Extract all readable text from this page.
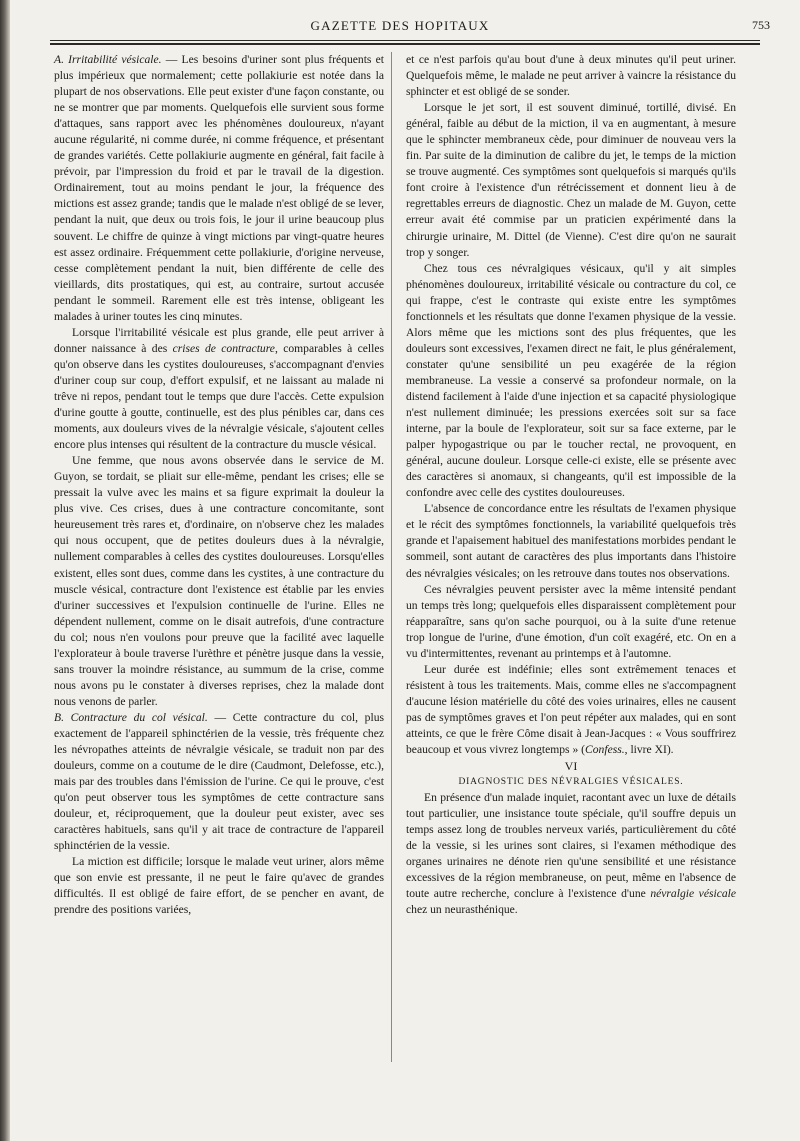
GAZETTE DES HOPITAUX	753

A. Irritabilité vésicale. — Les besoins d'uriner sont plus fréquents et plus impérieux que normalement; cette pollakiurie est notée dans la plupart de nos observations. Elle peut exister d'une façon constante, ou ne se montrer que par moments. Quelquefois elle survient sous forme d'attaques, sans rapport avec les phénomènes douloureux, n'ayant aucune régularité, ni comme durée, ni comme fréquence, et présentant de grandes variétés. Cette pollakiurie augmente en général, fait facile à prévoir, par l'impression du froid et par le travail de la digestion. Ordinairement, tout au moins pendant le jour, la fréquence des mictions est assez grande; tandis que le malade n'est obligé de se lever, pendant la nuit, que deux ou trois fois, le jour il urine beaucoup plus souvent. Le chiffre de quinze à vingt mictions par vingt-quatre heures est assez ordinaire. Fréquemment cette pollakiurie, d'origine nerveuse, cesse complètement pendant la nuit, bien différente de celle des vieillards, dits prostatiques, qui est, au contraire, surtout accusée pendant le sommeil. Rarement elle est très intense, obligeant les malades à uriner toutes les cinq minutes.

Lorsque l'irritabilité vésicale est plus grande, elle peut arriver à donner naissance à des crises de contracture, comparables à celles qu'on observe dans les cystites douloureuses, s'accompagnant d'envies d'uriner coup sur coup, d'effort expulsif, et ne laissant au malade ni trêve ni repos, pendant tout le temps que dure l'accès. Cette expulsion d'urine goutte à goutte, continuelle, est des plus pénibles car, dans ces moments, aux douleurs vives de la névralgie vésicale, s'ajoutent celles encore plus intenses qui résultent de la contracture du muscle vésical.

Une femme, que nous avons observée dans le service de M. Guyon, se tordait, se pliait sur elle-même, pendant les crises; elle se pressait la vulve avec les mains et sa figure exprimait la douleur la plus vive. Ces crises, dues à une contracture concomitante, sont heureusement très rares et, d'ordinaire, on n'observe chez les malades qui nous occupent, que de petites douleurs dues à la névralgie, nullement comparables à celles des cystites douloureuses. Lorsqu'elles existent, elles sont dues, comme dans les cystites, à une contracture du muscle vésical, contracture dont l'existence est établie par les envies d'uriner successives et l'expulsion continuelle de l'urine. Elles ne dépendent nullement, comme on le disait autrefois, d'une contracture du col; nous n'en voulons pour preuve que la facilité avec laquelle l'explorateur à boule traverse l'urèthre et pénètre jusque dans la vessie, sans trouver la moindre résistance, au summum de la crise, comme nous avons pu le constater à diverses reprises, chez la malade dont nous venons de parler.

B. Contracture du col vésical. — Cette contracture du col, plus exactement de l'appareil sphinctérien de la vessie, très fréquente chez les névropathes atteints de névralgie vésicale, se traduit non par des douleurs, comme on a coutume de le dire (Caudmont, Delefosse, etc.), mais par des troubles dans l'émission de l'urine. Ce qui le prouve, c'est qu'on peut observer tous les symptômes de cette contracture sans douleur, et, réciproquement, que la douleur peut exister, avec ses caractères habituels, sans qu'il y ait trace de contracture de l'appareil sphinctérien de la vessie.

La miction est difficile; lorsque le malade veut uriner, alors même que son envie est pressante, il ne peut le faire qu'avec de grandes difficultés. Il est obligé de faire effort, de se pencher en avant, de prendre des positions variées,

et ce n'est parfois qu'au bout d'une à deux minutes qu'il peut uriner. Quelquefois même, le malade ne peut arriver à vaincre la résistance du sphincter et est obligé de se sonder.

Lorsque le jet sort, il est souvent diminué, tortillé, divisé. En général, faible au début de la miction, il va en augmentant, à mesure que le sphincter membraneux cède, pour diminuer de nouveau vers la fin. Par suite de la diminution de calibre du jet, le temps de la miction se trouve augmenté. Ces symptômes sont quelquefois si marqués qu'ils font croire à l'existence d'un rétrécissement et donnent lieu à de regrettables erreurs de diagnostic. Chez un malade de M. Guyon, cette erreur avait été commise par un praticien expérimenté dans la chirurgie urinaire, M. Dittel (de Vienne). C'est dire qu'on ne saurait trop y songer.

Chez tous ces névralgiques vésicaux, qu'il y ait simples phénomènes douloureux, irritabilité vésicale ou contracture du col, ce qui frappe, c'est le contraste qui existe entre les symptômes fonctionnels et les résultats que donne l'examen physique de la vessie. Alors même que les mictions sont des plus fréquentes, que les douleurs sont excessives, l'examen direct ne fait, le plus généralement, constater qu'une sensibilité un peu exagérée de la région membraneuse. La vessie a conservé sa profondeur normale, on la distend facilement à l'aide d'une injection et sa capacité physiologique n'est nullement diminuée; les pressions exercées soit sur sa face interne, par la boule de l'explorateur, soit sur sa face externe, par le palper hypogastrique ou par le toucher rectal, ne provoquent, en général, aucune douleur. Lorsque celle-ci existe, elle se présente avec des caractères si anomaux, si changeants, qu'il est impossible de la confondre avec celle des cystites douloureuses.

L'absence de concordance entre les résultats de l'examen physique et le récit des symptômes fonctionnels, la variabilité quelquefois très grande et l'apaisement habituel des manifestations morbides pendant le sommeil, sont autant de caractères des plus importants dans l'histoire des névralgies vésicales; on les retrouve dans toutes nos observations.

Ces névralgies peuvent persister avec la même intensité pendant un temps très long; quelquefois elles disparaissent complètement pour réapparaître, sans qu'on sache pourquoi, ou à la suite d'une retenue trop longue de l'urine, d'une émotion, d'un coït exagéré, etc. On en a vu d'intermittentes, revenant au printemps et à l'automne.

Leur durée est indéfinie; elles sont extrêmement tenaces et résistent à tous les traitements. Mais, comme elles ne s'accompagnent d'aucune lésion matérielle du côté des voies urinaires, elles ne causent pas de symptômes graves et l'on peut répéter aux malades, qui en sont atteints, ce que le frère Côme disait à Jean-Jacques : « Vous souffrirez beaucoup et vous vivrez longtemps » (Confess., livre XI).

VI

DIAGNOSTIC DES NÉVRALGIES VÉSICALES.

En présence d'un malade inquiet, racontant avec un luxe de détails tout particulier, une insistance toute spéciale, qu'il souffre depuis un temps assez long de troubles nerveux variés, particulièrement du côté de la vessie, si les urines sont claires, si l'examen méthodique des organes urinaires ne dénote rien qu'une sensibilité et une résistance excessives de la région membraneuse, on peut, même en l'absence de toute autre recherche, conclure à l'existence d'une névralgie vésicale chez un neurasthénique.
